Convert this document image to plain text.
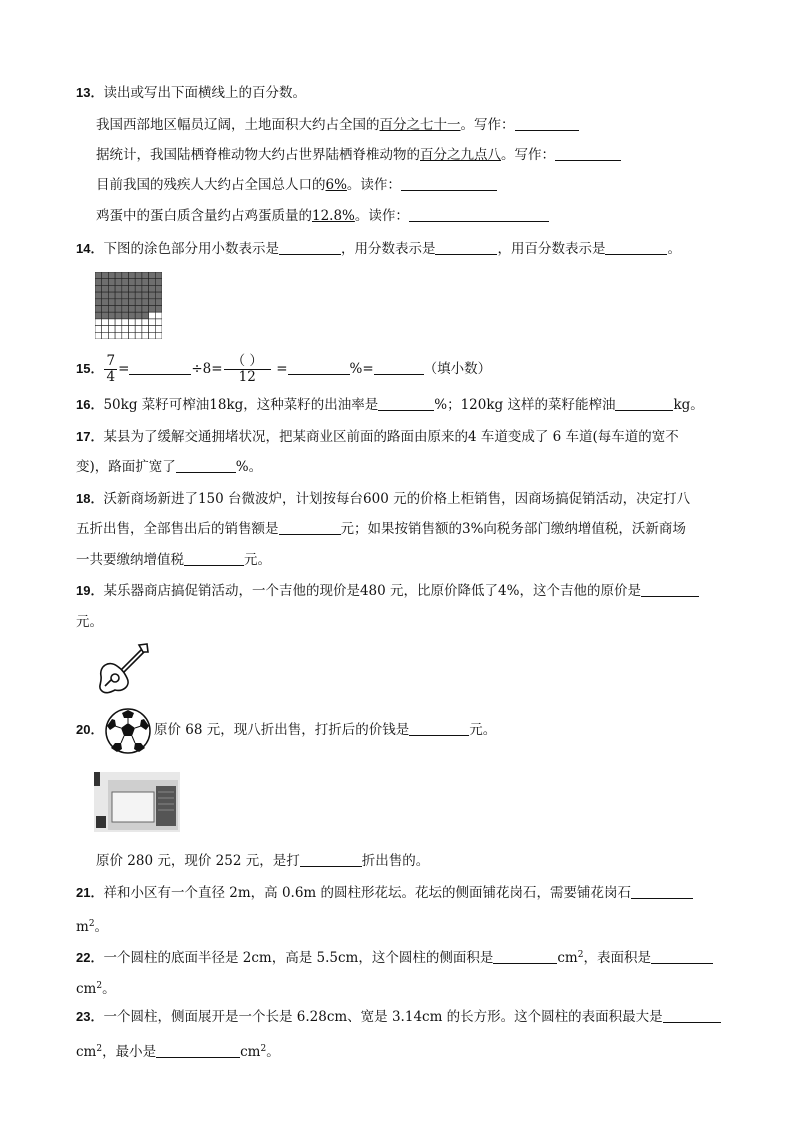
13．读出或写出下面横线上的百分数。
我国西部地区幅员辽阔，土地面积大约占全国的百分之七十一。写作：
据统计，我国陆栖脊椎动物大约占世界陆栖脊椎动物的百分之九点八。写作：
目前我国的残疾人大约占全国总人口的6%。读作：
鸡蛋中的蛋白质含量约占鸡蛋质量的12.8%。读作：
14．下图的涂色部分用小数表示是	，用分数表示是	，用百分数表示是	。
15． $\frac{7}{4}$ =	$\div 8= \frac{( )}{12}$ =	%=	（填小数）
16．50kg 菜籽可榨油18kg，这种菜籽的出油率是	%；120kg 这样的菜籽能榨油	kg。
17．某县为了缓解交通拥堵状况，把某商业区前面的路面由原来的4 车道变成了 6 车道(每车道的宽不
变)，路面扩宽了	%。
18．沃新商场新进了150 台微波炉，计划按每台600 元的价格上柜销售，因商场搞促销活动，决定打八
五折出售，全部售出后的销售额是	元；如果按销售额的3%向税务部门缴纳增值税，沃新商场
一共要缴纳增值税	元。
19．某乐器商店搞促销活动，一个吉他的现价是480 元，比原价降低了4%，这个吉他的原价是
元。
20．	原价 68 元，现八折出售，打折后的价钱是	元。
原价 280 元，现价 252 元，是打	折出售的。
21．祥和小区有一个直径 2m，高 0.6m 的圆柱形花坛。花坛的侧面铺花岗石，需要铺花岗石
$m^2$。
22．一个圆柱的底面半径是 2cm，高是 5.5cm，这个圆柱的侧面积是	$cm^2$，表面积是
$cm^2$。
23．一个圆柱，侧面展开是一个长是 6.28cm、宽是 3.14cm 的长方形。这个圆柱的表面积最大是
$cm^2$，最小是	$cm^2$。
